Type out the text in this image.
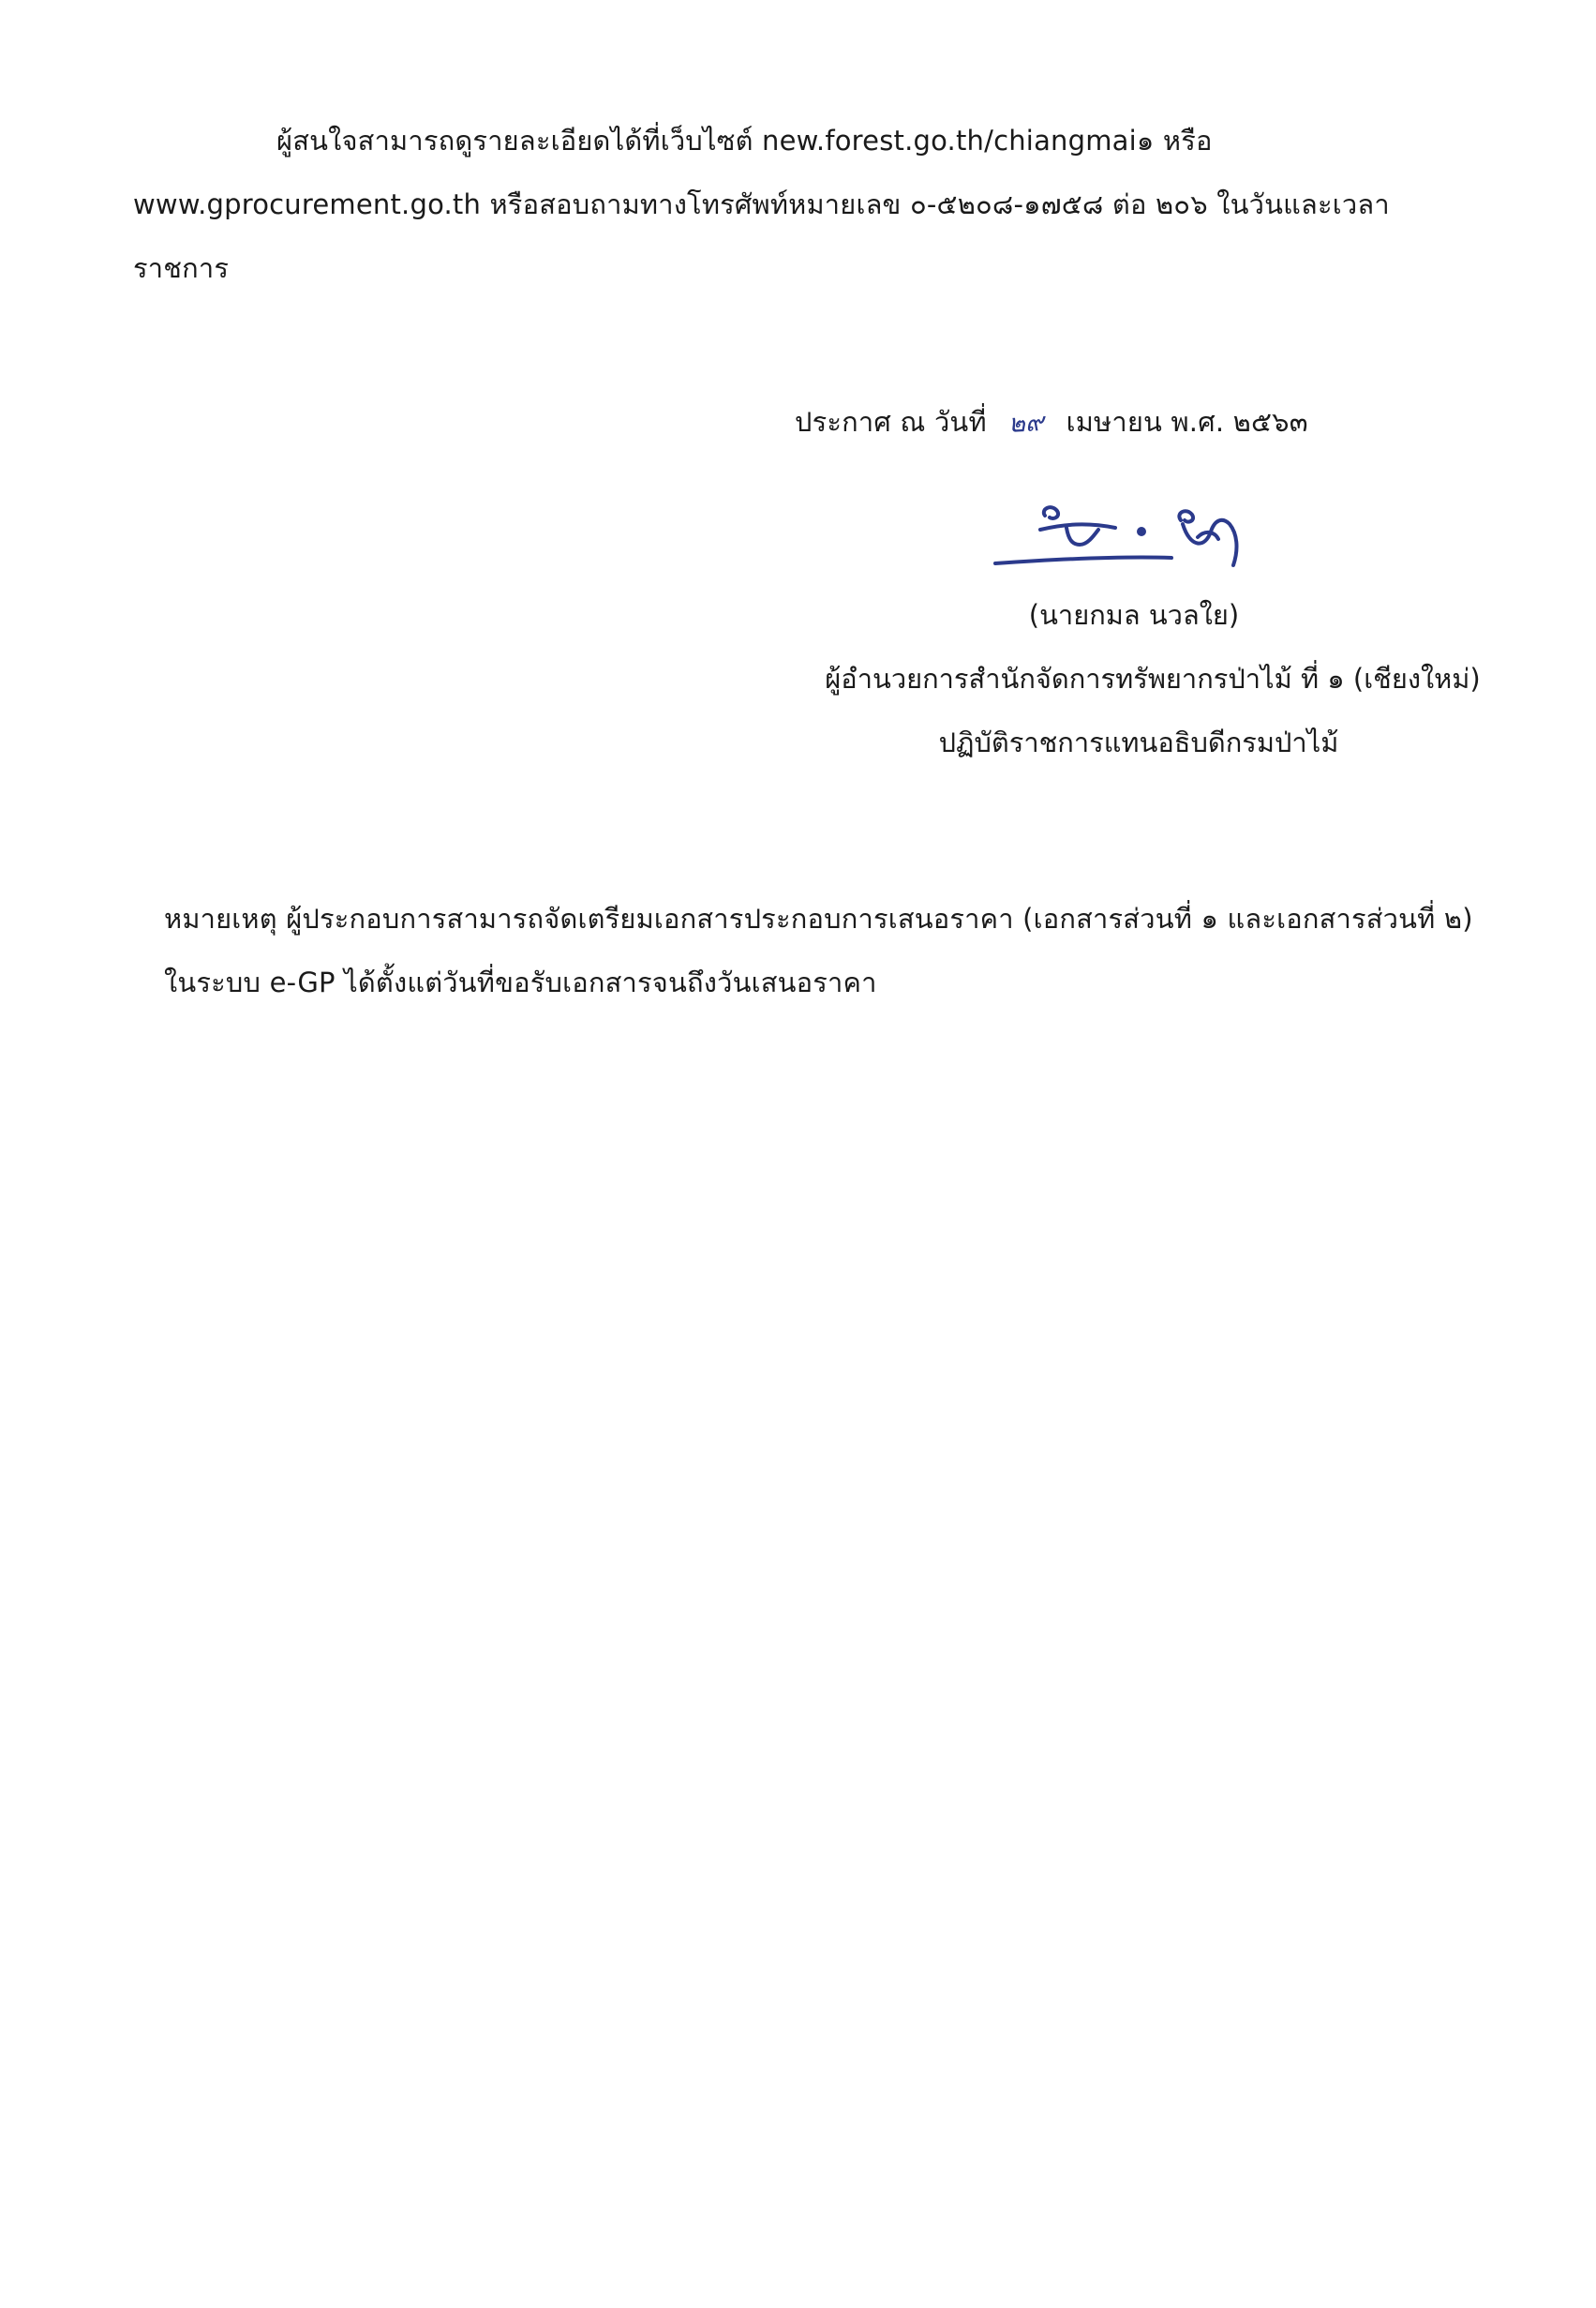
ผู้สนใจสามารถดูรายละเอียดได้ที่เว็บไซต์ new.forest.go.th/chiangmai๑ หรือ
www.gprocurement.go.th หรือสอบถามทางโทรศัพท์หมายเลข ๐-๕๒๐๘-๑๗๕๘ ต่อ ๒๐๖ ในวันและเวลา
ราชการ
ประกาศ ณ วันที่ ๒๙ เมษายน พ.ศ. ๒๕๖๓
(นายกมล นวลใย)
ผู้อำนวยการสำนักจัดการทรัพยากรป่าไม้ ที่ ๑ (เชียงใหม่)
ปฏิบัติราชการแทนอธิบดีกรมป่าไม้
หมายเหตุ ผู้ประกอบการสามารถจัดเตรียมเอกสารประกอบการเสนอราคา (เอกสารส่วนที่ ๑ และเอกสารส่วนที่ ๒)
ในระบบ e-GP ได้ตั้งแต่วันที่ขอรับเอกสารจนถึงวันเสนอราคา
